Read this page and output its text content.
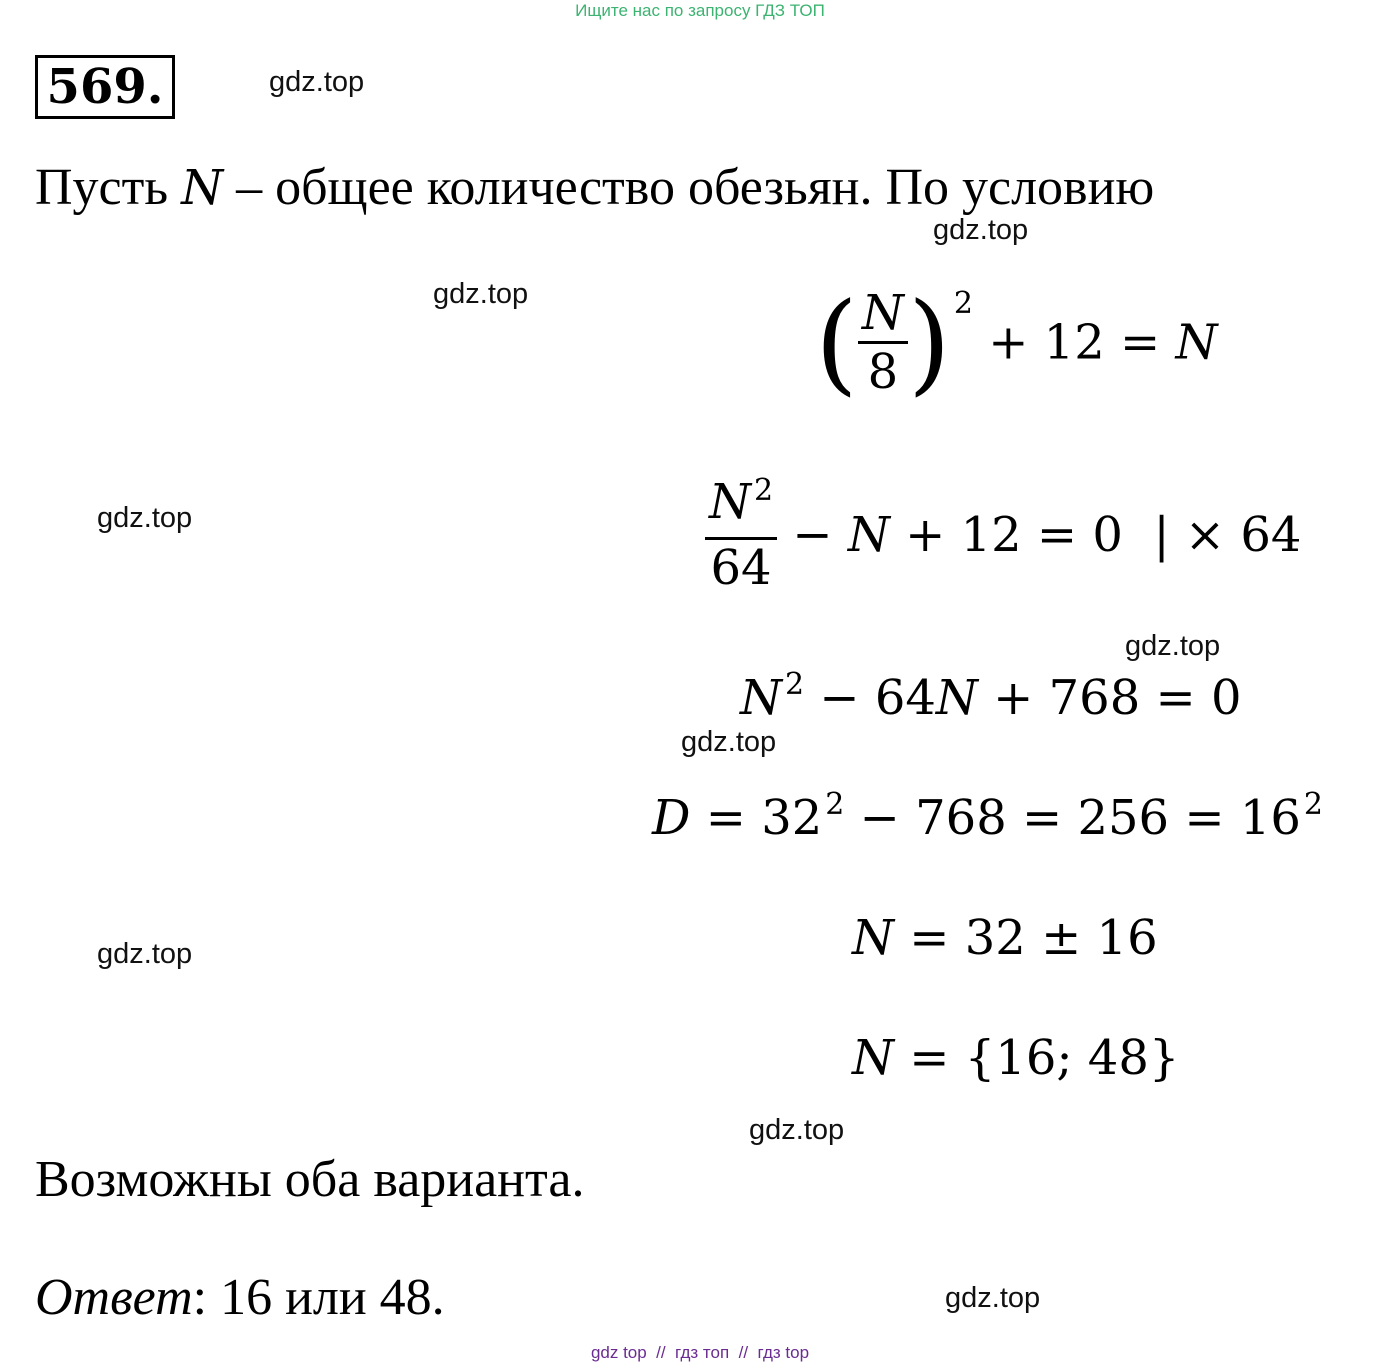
Ищите нас по запросу ГДЗ ТОП
569.	gdz.top
gdz.top
gdz.top
gdz.top
gdz.top
gdz.top
gdz.top
gdz.top
gdz.top
Пусть N – общее количество обезьян. По условию
( $\frac{N}{8}$ ) $^2$ + 12 = N
$\frac{N ^2}{64} - N + 12 = 0$  | × 64
N $^2$ − 64N + 768 = 0
D = 32 $^2$ − 768 = 256 = 16 $^2$
N = 32 ± 16
N = {16; 48}
Возможны оба варианта.
Ответ: 16 или 48.
gdz top  //  гдз топ  //  гдз top
